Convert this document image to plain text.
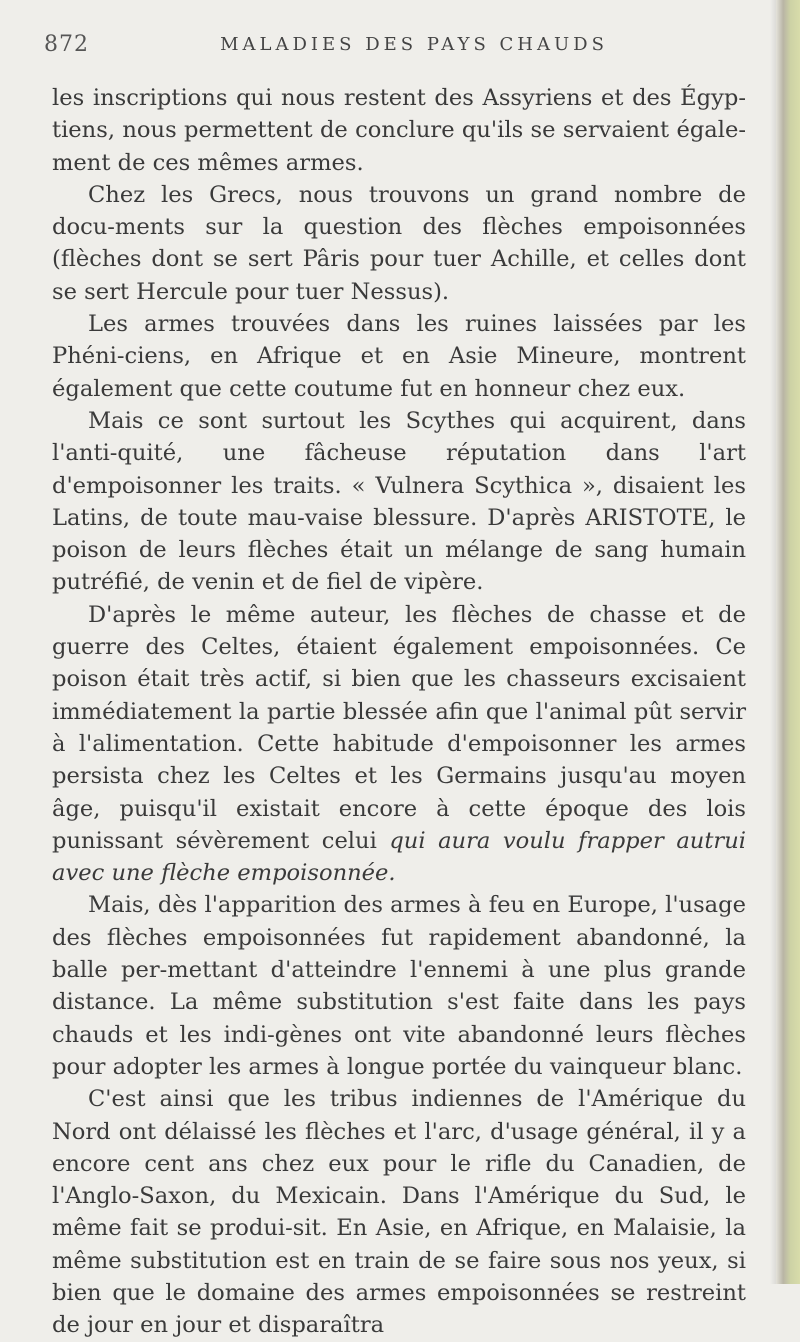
872	MALADIES DES PAYS CHAUDS

les inscriptions qui nous restent des Assyriens et des Égyp-tiens, nous permettent de conclure qu'ils se servaient égale-ment de ces mêmes armes.

Chez les Grecs, nous trouvons un grand nombre de docu-ments sur la question des flèches empoisonnées (flèches dont se sert Pâris pour tuer Achille, et celles dont se sert Hercule pour tuer Nessus).

Les armes trouvées dans les ruines laissées par les Phéni-ciens, en Afrique et en Asie Mineure, montrent également que cette coutume fut en honneur chez eux.

Mais ce sont surtout les Scythes qui acquirent, dans l'anti-quité, une fâcheuse réputation dans l'art d'empoisonner les traits. « Vulnera Scythica », disaient les Latins, de toute mau-vaise blessure. D'après ARISTOTE, le poison de leurs flèches était un mélange de sang humain putréfié, de venin et de fiel de vipère.

D'après le même auteur, les flèches de chasse et de guerre des Celtes, étaient également empoisonnées. Ce poison était très actif, si bien que les chasseurs excisaient immédiatement la partie blessée afin que l'animal pût servir à l'alimentation. Cette habitude d'empoisonner les armes persista chez les Celtes et les Germains jusqu'au moyen âge, puisqu'il existait encore à cette époque des lois punissant sévèrement celui qui aura voulu frapper autrui avec une flèche empoisonnée.

Mais, dès l'apparition des armes à feu en Europe, l'usage des flèches empoisonnées fut rapidement abandonné, la balle per-mettant d'atteindre l'ennemi à une plus grande distance. La même substitution s'est faite dans les pays chauds et les indi-gènes ont vite abandonné leurs flèches pour adopter les armes à longue portée du vainqueur blanc.

C'est ainsi que les tribus indiennes de l'Amérique du Nord ont délaissé les flèches et l'arc, d'usage général, il y a encore cent ans chez eux pour le rifle du Canadien, de l'Anglo-Saxon, du Mexicain. Dans l'Amérique du Sud, le même fait se produi-sit. En Asie, en Afrique, en Malaisie, la même substitution est en train de se faire sous nos yeux, si bien que le domaine des armes empoisonnées se restreint de jour en jour et disparaîtra
